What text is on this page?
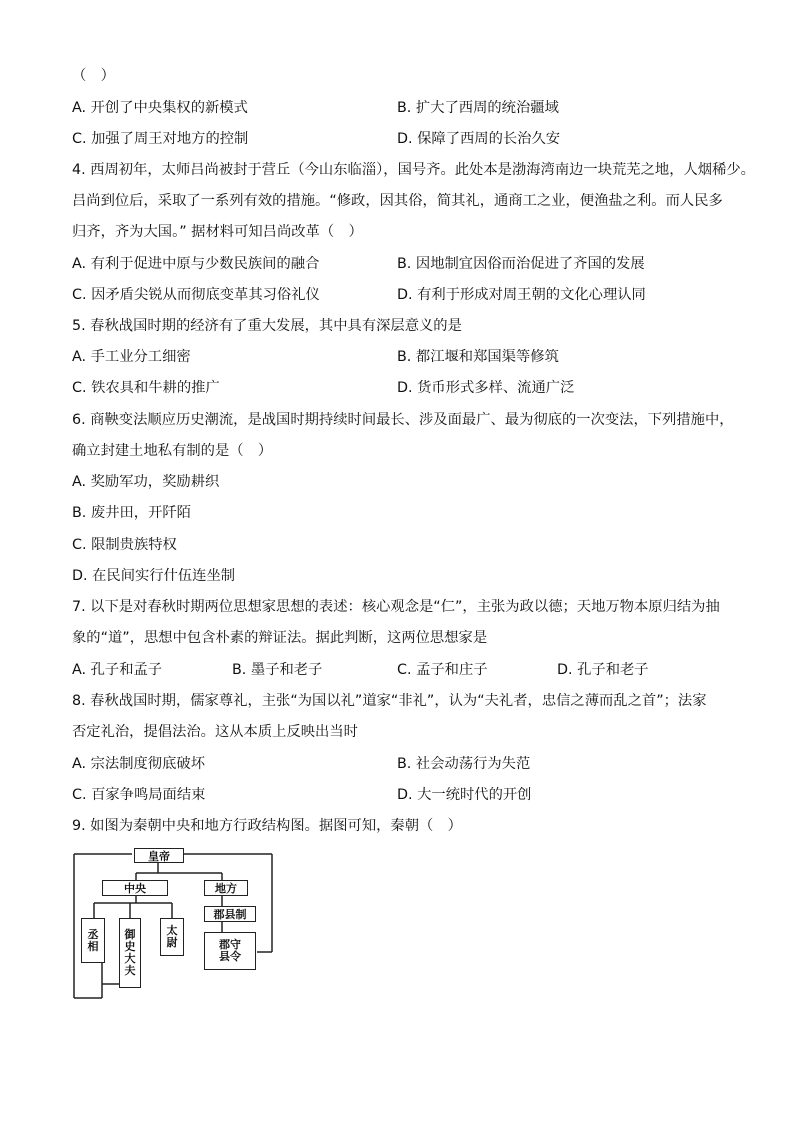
（　）
A. 开创了中央集权的新模式	B. 扩大了西周的统治疆域
C. 加强了周王对地方的控制	D. 保障了西周的长治久安
4. 西周初年，太师吕尚被封于营丘（今山东临淄），国号齐。此处本是渤海湾南边一块荒芜之地，人烟稀少。
吕尚到位后，采取了一系列有效的措施。“修政，因其俗，简其礼，通商工之业，便渔盐之利。而人民多
归齐，齐为大国。” 据材料可知吕尚改革（　）
A. 有利于促进中原与少数民族间的融合	B. 因地制宜因俗而治促进了齐国的发展
C. 因矛盾尖锐从而彻底变革其习俗礼仪	D. 有利于形成对周王朝的文化心理认同
5. 春秋战国时期的经济有了重大发展，其中具有深层意义的是
A. 手工业分工细密	B. 都江堰和郑国渠等修筑
C. 铁农具和牛耕的推广	D. 货币形式多样、流通广泛
6. 商鞅变法顺应历史潮流，是战国时期持续时间最长、涉及面最广、最为彻底的一次变法，下列措施中，
确立封建土地私有制的是（　）
A. 奖励军功，奖励耕织
B. 废井田，开阡陌
C. 限制贵族特权
D. 在民间实行什伍连坐制
7. 以下是对春秋时期两位思想家思想的表述：核心观念是“仁”，主张为政以德；天地万物本原归结为抽
象的“道”，思想中包含朴素的辩证法。据此判断，这两位思想家是
A. 孔子和孟子	B. 墨子和老子	C. 孟子和庄子	D. 孔子和老子
8. 春秋战国时期，儒家尊礼，主张“为国以礼”道家“非礼”，认为“夫礼者，忠信之薄而乱之首”；法家
否定礼治，提倡法治。这从本质上反映出当时
A. 宗法制度彻底破坏	B. 社会动荡行为失范
C. 百家争鸣局面结束	D. 大一统时代的开创
9. 如图为秦朝中央和地方行政结构图。据图可知，秦朝（　）
皇帝
中央	地方
郡县制
丞
相
御
史
大
夫
太
尉	郡守
县令
